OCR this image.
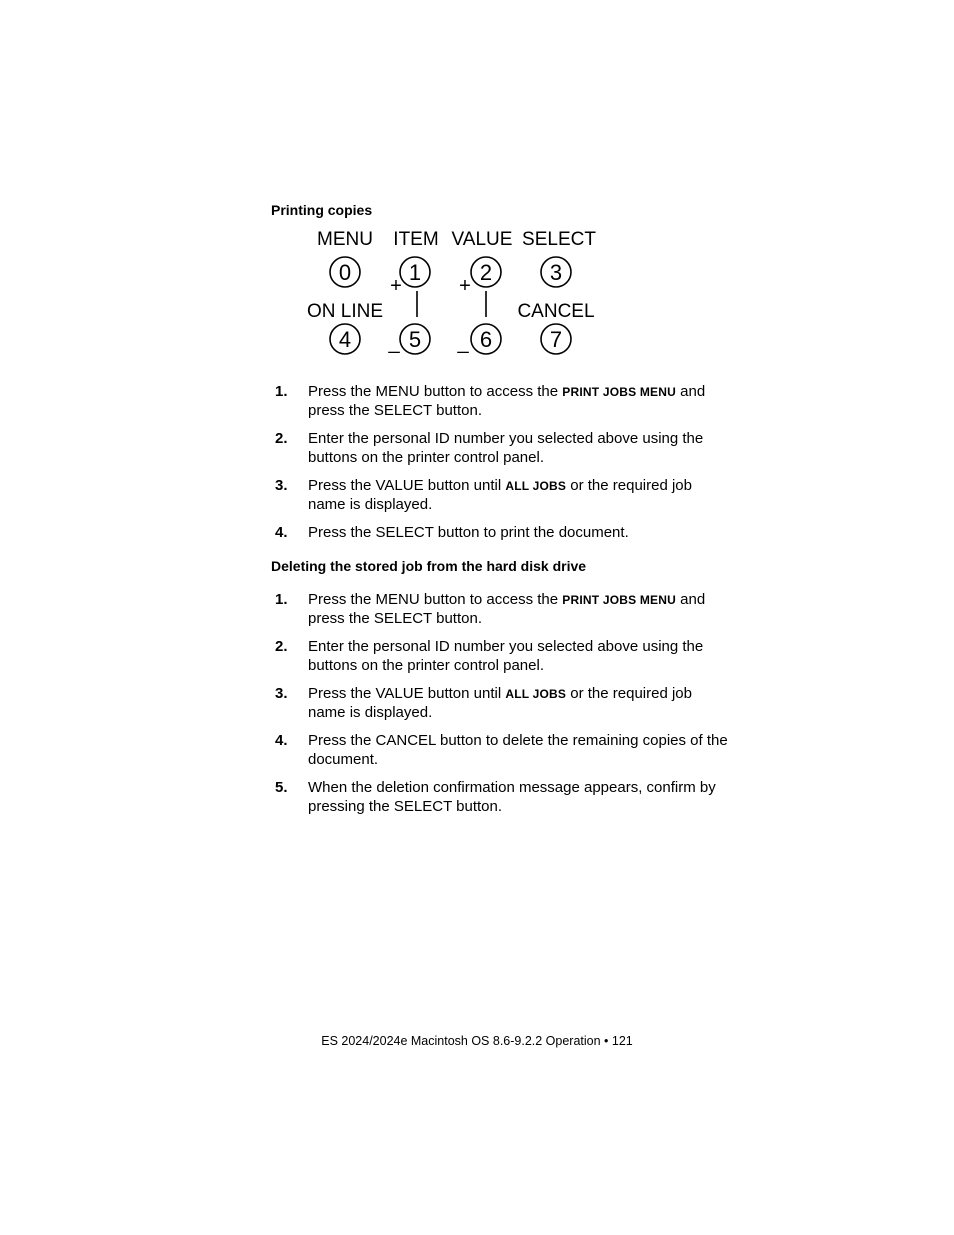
Printing copies
MENU ITEM VALUE SELECT
0	1	2	3
+	+
ON LINE	CANCEL
4	5	6	7
_	_
1. Press the MENU button to access the PRINT JOBS MENU and press the SELECT button.
2. Enter the personal ID number you selected above using the buttons on the printer control panel.
3. Press the VALUE button until ALL JOBS or the required job name is displayed.
4. Press the SELECT button to print the document.
Deleting the stored job from the hard disk drive
1. Press the MENU button to access the PRINT JOBS MENU and press the SELECT button.
2. Enter the personal ID number you selected above using the buttons on the printer control panel.
3. Press the VALUE button until ALL JOBS or the required job name is displayed.
4. Press the CANCEL button to delete the remaining copies of the document.
5. When the deletion confirmation message appears, confirm by pressing the SELECT button.
ES 2024/2024e Macintosh OS 8.6-9.2.2 Operation • 121
